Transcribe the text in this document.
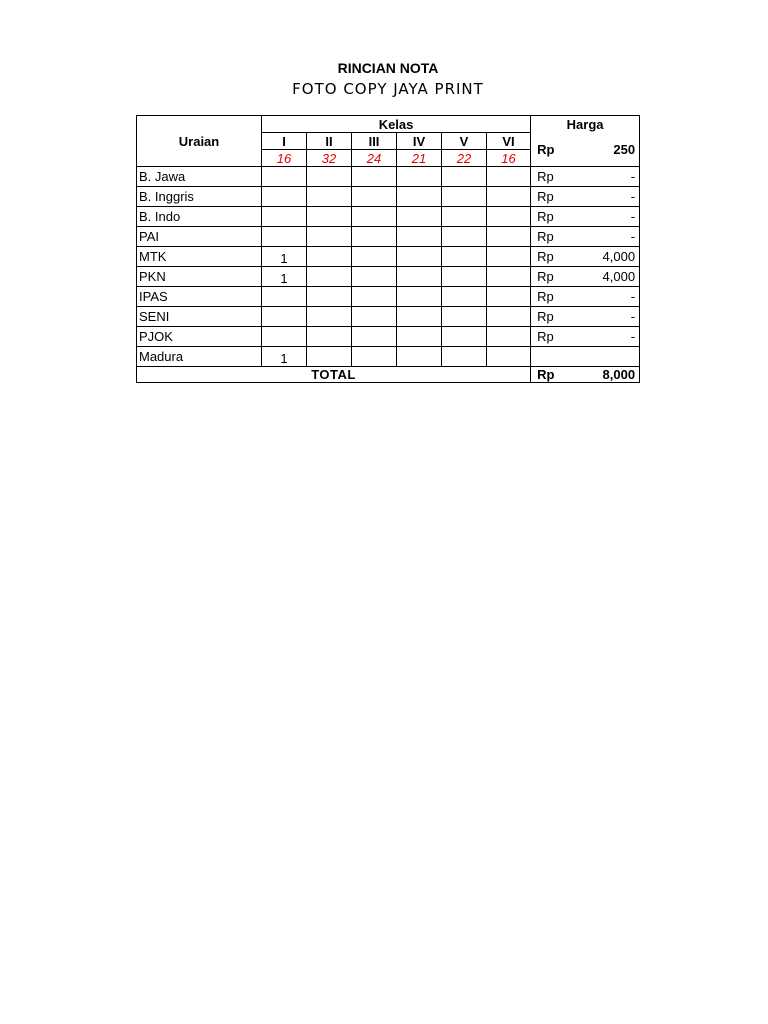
RINCIAN NOTA
FOTO COPY JAYA PRINT
Uraian	Kelas						Harga	
	I	II	III	IV	V	VI	Rp	250
	16	32	24	21	22	16		
B. Jawa							Rp	-
B. Inggris							Rp	-
B. Indo							Rp	-
PAI							Rp	-
MTK	1						Rp	4,000
PKN	1						Rp	4,000
IPAS							Rp	-
SENI							Rp	-
PJOK							Rp	-
Madura	1							
TOTAL							Rp	8,000
